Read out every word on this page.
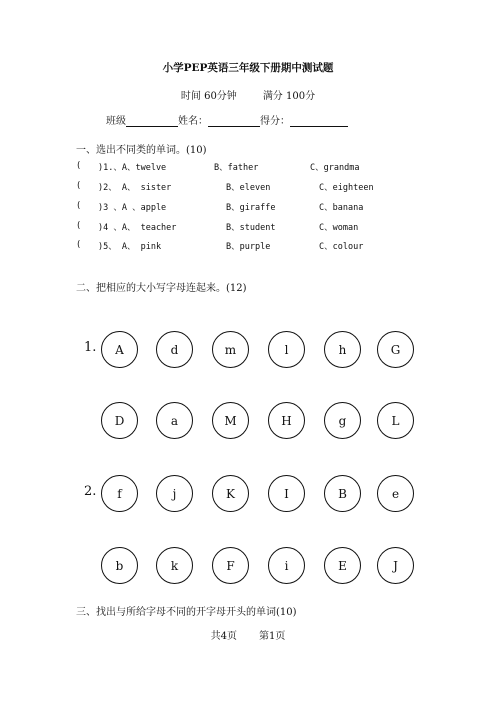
小学PEP英语三年级下册期中测试题
时间 60分钟	满分 100分
班级	姓名：	得分：
一、选出不同类的单词。(10)
( )1.、A、twelve	B、father	C、grandma
( )2、 A、 sister	B、eleven	C、eighteen
( )3 、A 、apple	B、giraffe	C、banana
( )4 、A、 teacher	B、student	C、woman
( )5、 A、 pink	B、purple	C、colour
二、把相应的大小写字母连起来。(12)
1.	A	d	m	l	h	G
D	a	M	H	g	L
2.	f	j	K	I	B	e
b	k	F	i	E	J
三、找出与所给字母不同的开字母开头的单词(10)
共4页 第1页
